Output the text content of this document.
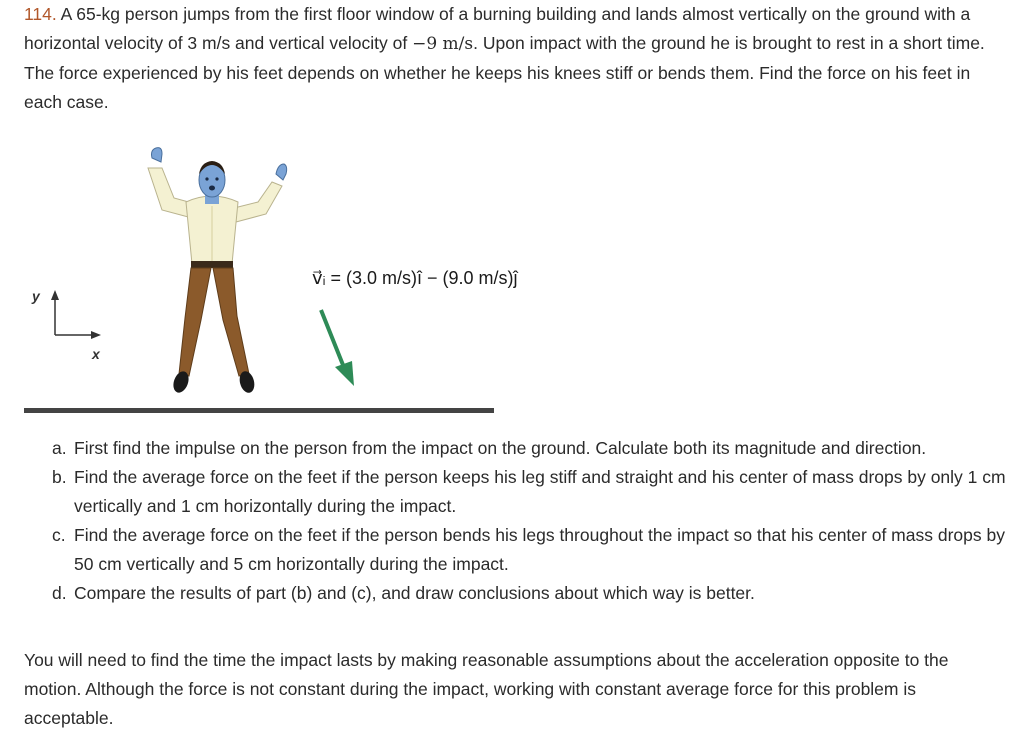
114. A 65-kg person jumps from the first floor window of a burning building and lands almost vertically on the ground with a horizontal velocity of 3 m/s and vertical velocity of −9 m/s. Upon impact with the ground he is brought to rest in a short time. The force experienced by his feet depends on whether he keeps his knees stiff or bends them. Find the force on his feet in each case.

y
x
v⃗ᵢ = (3.0 m/s)î − (9.0 m/s)ĵ
a. First find the impulse on the person from the impact on the ground. Calculate both its magnitude and direction.
b. Find the average force on the feet if the person keeps his leg stiff and straight and his center of mass drops by only 1 cm vertically and 1 cm horizontally during the impact.
c. Find the average force on the feet if the person bends his legs throughout the impact so that his center of mass drops by 50 cm vertically and 5 cm horizontally during the impact.
d. Compare the results of part (b) and (c), and draw conclusions about which way is better.

You will need to find the time the impact lasts by making reasonable assumptions about the acceleration opposite to the motion. Although the force is not constant during the impact, working with constant average force for this problem is acceptable.
